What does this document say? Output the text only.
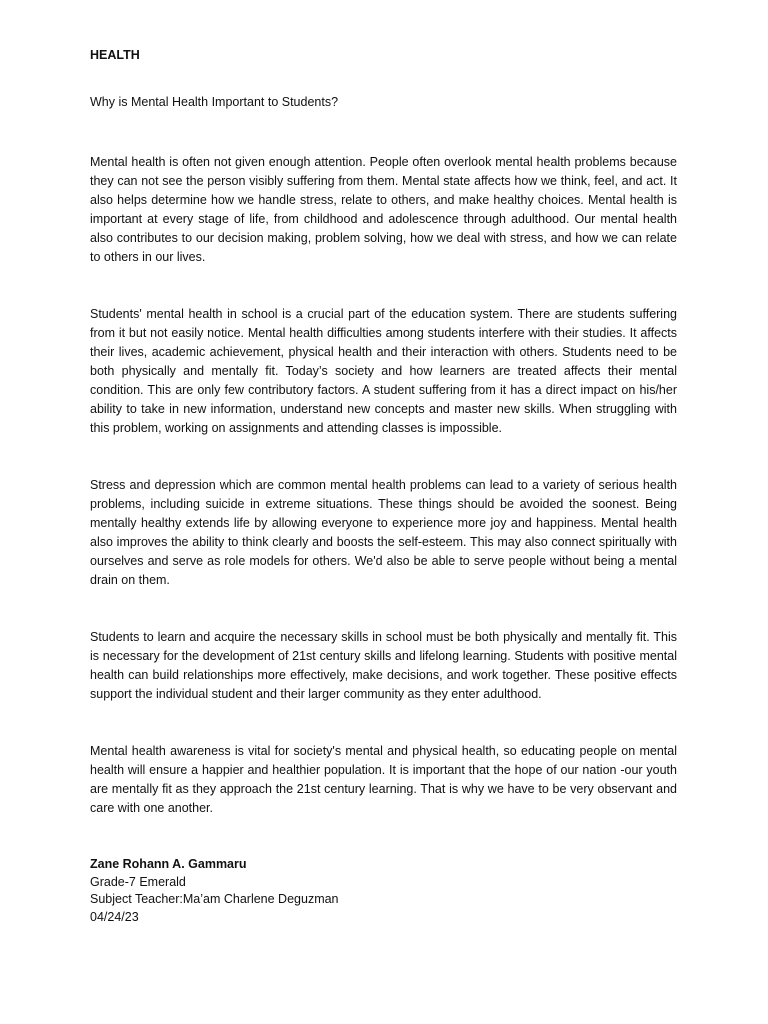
HEALTH
Why is Mental Health Important to Students?

Mental health is often not given enough attention. People often overlook mental health problems because they can not see the person visibly suffering from them. Mental state affects how we think, feel, and act. It also helps determine how we handle stress, relate to others, and make healthy choices. Mental health is important at every stage of life, from childhood and adolescence through adulthood. Our mental health also contributes to our decision making, problem solving, how we deal with stress, and how we can relate to others in our lives.

Students' mental health in school is a crucial part of the education system. There are students suffering from it but not easily notice. Mental health difficulties among students interfere with their studies. It affects their lives, academic achievement, physical health and their interaction with others. Students need to be both physically and mentally fit. Today’s society and how learners are treated affects their mental condition. This are only few contributory factors. A student suffering from it has a direct impact on his/her ability to take in new information, understand new concepts and master new skills. When struggling with this problem, working on assignments and attending classes is impossible.

Stress and depression which are common mental health problems can lead to a variety of serious health problems, including suicide in extreme situations. These things should be avoided the soonest. Being mentally healthy extends life by allowing everyone to experience more joy and happiness. Mental health also improves the ability to think clearly and boosts the self-esteem. This may also connect spiritually with ourselves and serve as role models for others. We'd also be able to serve people without being a mental drain on them.

Students to learn and acquire the necessary skills in school must be both physically and mentally fit. This is necessary for the development of 21st century skills and lifelong learning. Students with positive mental health can build relationships more effectively, make decisions, and work together. These positive effects support the individual student and their larger community as they enter adulthood.

Mental health awareness is vital for society's mental and physical health, so educating people on mental health will ensure a happier and healthier population. It is important that the hope of our nation -our youth are mentally fit as they approach the 21st century learning. That is why we have to be very observant and care with one another.

Zane Rohann A. Gammaru
Grade-7 Emerald
Subject Teacher:Ma’am Charlene Deguzman
04/24/23
